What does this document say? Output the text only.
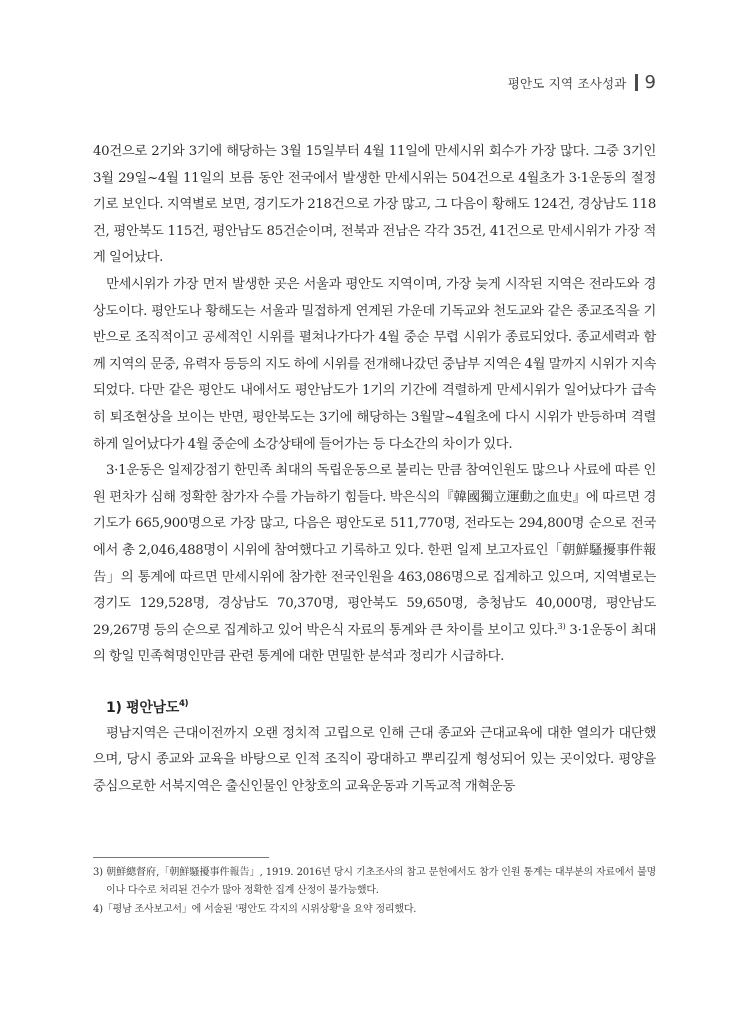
평안도 지역 조사성과 9

40건으로 2기와 3기에 해당하는 3월 15일부터 4월 11일에 만세시위 회수가 가장 많다. 그중 3기인 3월 29일~4월 11일의 보름 동안 전국에서 발생한 만세시위는 504건으로 4월초가 3·1운동의 절정기로 보인다. 지역별로 보면, 경기도가 218건으로 가장 많고, 그 다음이 황해도 124건, 경상남도 118건, 평안북도 115건, 평안남도 85건순이며, 전북과 전남은 각각 35건, 41건으로 만세시위가 가장 적게 일어났다.

만세시위가 가장 먼저 발생한 곳은 서울과 평안도 지역이며, 가장 늦게 시작된 지역은 전라도와 경상도이다. 평안도나 황해도는 서울과 밀접하게 연계된 가운데 기독교와 천도교와 같은 종교조직을 기반으로 조직적이고 공세적인 시위를 펼쳐나가다가 4월 중순 무렵 시위가 종료되었다. 종교세력과 함께 지역의 문중, 유력자 등등의 지도 하에 시위를 전개해나갔던 중남부 지역은 4월 말까지 시위가 지속되었다. 다만 같은 평안도 내에서도 평안남도가 1기의 기간에 격렬하게 만세시위가 일어났다가 급속히 퇴조현상을 보이는 반면, 평안북도는 3기에 해당하는 3월말~4월초에 다시 시위가 반등하며 격렬하게 일어났다가 4월 중순에 소강상태에 들어가는 등 다소간의 차이가 있다.

3·1운동은 일제강점기 한민족 최대의 독립운동으로 불리는 만큼 참여인원도 많으나 사료에 따른 인원 편차가 심해 정확한 참가자 수를 가늠하기 힘들다. 박은식의『韓國獨立運動之血史』에 따르면 경기도가 665,900명으로 가장 많고, 다음은 평안도로 511,770명, 전라도는 294,800명 순으로 전국에서 총 2,046,488명이 시위에 참여했다고 기록하고 있다. 한편 일제 보고자료인「朝鮮騷擾事件報告」의 통계에 따르면 만세시위에 참가한 전국인원을 463,086명으로 집계하고 있으며, 지역별로는 경기도 129,528명, 경상남도 70,370명, 평안북도 59,650명, 충청남도 40,000명, 평안남도 29,267명 등의 순으로 집계하고 있어 박은식 자료의 통계와 큰 차이를 보이고 있다.$^{3)}$ 3·1운동이 최대의 항일 민족혁명인만큼 관련 통계에 대한 면밀한 분석과 정리가 시급하다.

1) 평안남도$^{4)}$

평남지역은 근대이전까지 오랜 정치적 고립으로 인해 근대 종교와 근대교육에 대한 열의가 대단했으며, 당시 종교와 교육을 바탕으로 인적 조직이 광대하고 뿌리깊게 형성되어 있는 곳이었다. 평양을 중심으로한 서북지역은 출신인물인 안창호의 교육운동과 기독교적 개혁운동

3) 朝鮮總督府,「朝鮮騷擾事件報告」, 1919. 2016년 당시 기초조사의 참고 문헌에서도 참가 인원 통계는 대부분의 자료에서 불명이나 다수로 처리된 건수가 많아 정확한 집계 산정이 불가능했다.

4)「평남 조사보고서」에 서술된 '평안도 각지의 시위상황'을 요약 정리했다.
